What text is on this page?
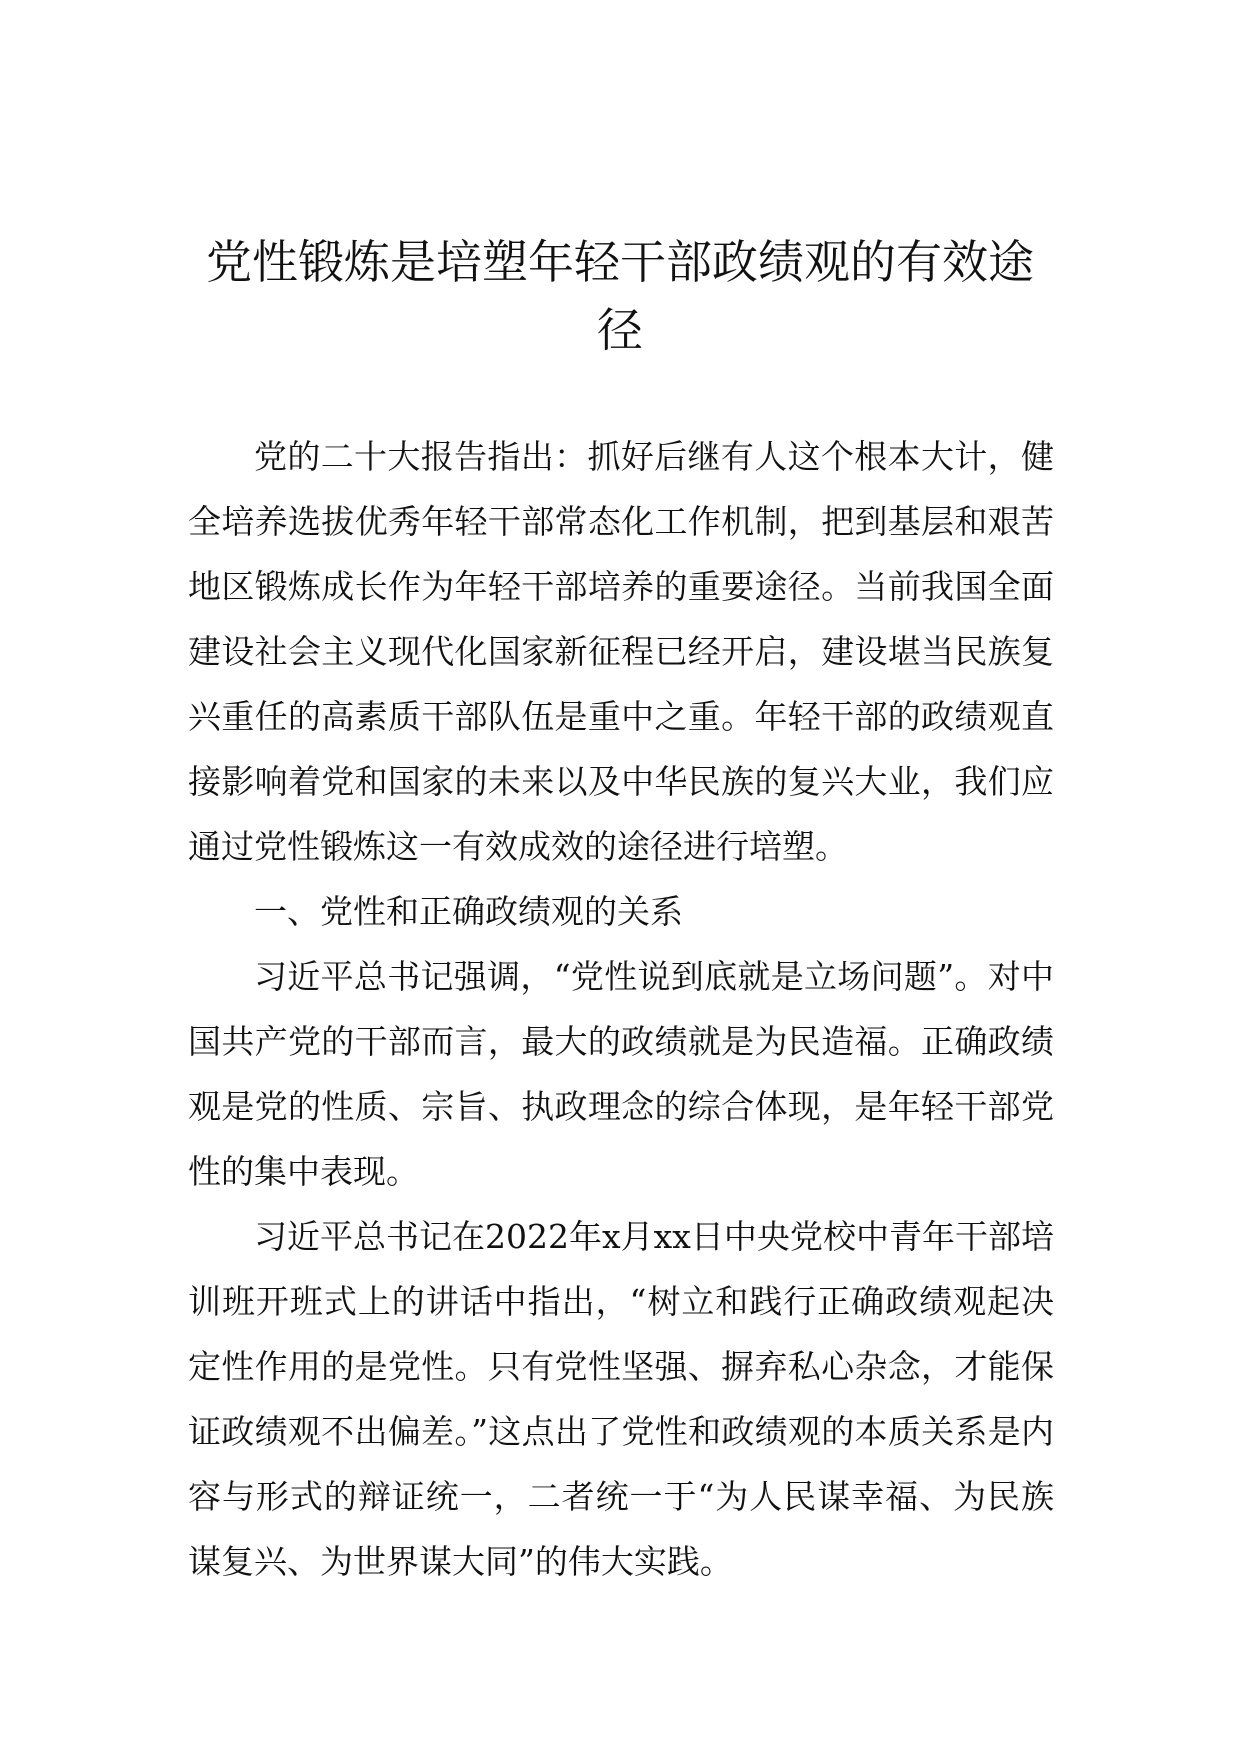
党性锻炼是培塑年轻干部政绩观的有效途径

党的二十大报告指出：抓好后继有人这个根本大计，健全培养选拔优秀年轻干部常态化工作机制，把到基层和艰苦地区锻炼成长作为年轻干部培养的重要途径。当前我国全面建设社会主义现代化国家新征程已经开启，建设堪当民族复兴重任的高素质干部队伍是重中之重。年轻干部的政绩观直接影响着党和国家的未来以及中华民族的复兴大业，我们应通过党性锻炼这一有效成效的途径进行培塑。

一、党性和正确政绩观的关系

习近平总书记强调，“党性说到底就是立场问题”。对中国共产党的干部而言，最大的政绩就是为民造福。正确政绩观是党的性质、宗旨、执政理念的综合体现，是年轻干部党性的集中表现。

习近平总书记在2022年x月xx日中央党校中青年干部培训班开班式上的讲话中指出，“树立和践行正确政绩观起决定性作用的是党性。只有党性坚强、摒弃私心杂念，才能保证政绩观不出偏差。”这点出了党性和政绩观的本质关系是内容与形式的辩证统一，二者统一于“为人民谋幸福、为民族谋复兴、为世界谋大同”的伟大实践。
